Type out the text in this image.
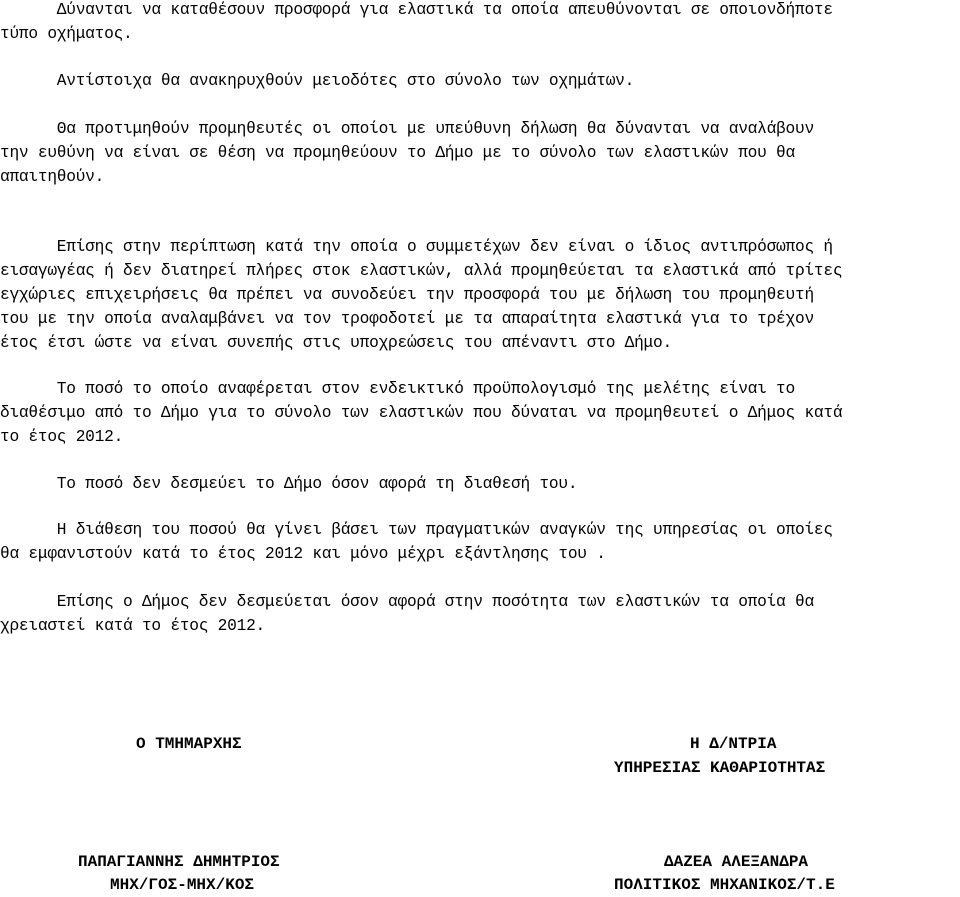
Δύνανται να καταθέσουν προσφορά για ελαστικά τα οποία απευθύνονται σε οποιονδήποτε
τύπο οχήματος.
Αντίστοιχα θα ανακηρυχθούν μειοδότες στο σύνολο των οχημάτων.
Θα προτιμηθούν προμηθευτές οι οποίοι με υπεύθυνη δήλωση θα δύνανται να αναλάβουν
την ευθύνη να είναι σε θέση να προμηθεύουν το Δήμο με το σύνολο των ελαστικών που θα
απαιτηθούν.
Επίσης στην περίπτωση κατά την οποία ο συμμετέχων δεν είναι ο ίδιος αντιπρόσωπος ή
εισαγωγέας ή δεν διατηρεί πλήρες στοκ ελαστικών, αλλά προμηθεύεται τα ελαστικά από τρίτες
εγχώριες επιχειρήσεις θα πρέπει να συνοδεύει την προσφορά του με δήλωση του προμηθευτή
του με την οποία αναλαμβάνει να τον τροφοδοτεί με τα απαραίτητα ελαστικά για το τρέχον
έτος έτσι ώστε να είναι συνεπής στις υποχρεώσεις του απέναντι στο Δήμο.
Το ποσό το οποίο αναφέρεται στον ενδεικτικό προϋπολογισμό της μελέτης είναι το
διαθέσιμο από το Δήμο για το σύνολο των ελαστικών που δύναται να προμηθευτεί ο Δήμος κατά
το έτος 2012.
Το ποσό δεν δεσμεύει το Δήμο όσον αφορά τη διαθεσή του.
Η διάθεση του ποσού θα γίνει βάσει των πραγματικών αναγκών της υπηρεσίας οι οποίες
θα εμφανιστούν κατά το έτος 2012 και μόνο μέχρι εξάντλησης του .
Επίσης ο Δήμος δεν δεσμεύεται όσον αφορά στην ποσότητα των ελαστικών τα οποία θα
χρειαστεί κατά το έτος 2012.
Ο ΤΜΗΜΑΡΧΗΣ	Η Δ/ΝΤΡΙΑ
ΥΠΗΡΕΣΙΑΣ ΚΑΘΑΡΙΟΤΗΤΑΣ
ΠΑΠΑΓΙΑΝΝΗΣ ΔΗΜΗΤΡΙΟΣ	ΔΑΖΕΑ ΑΛΕΞΑΝΔΡΑ
ΜΗΧ/ΓΟΣ-ΜΗΧ/ΚΟΣ	ΠΟΛΙΤΙΚΟΣ ΜΗΧΑΝΙΚΟΣ/Τ.Ε
